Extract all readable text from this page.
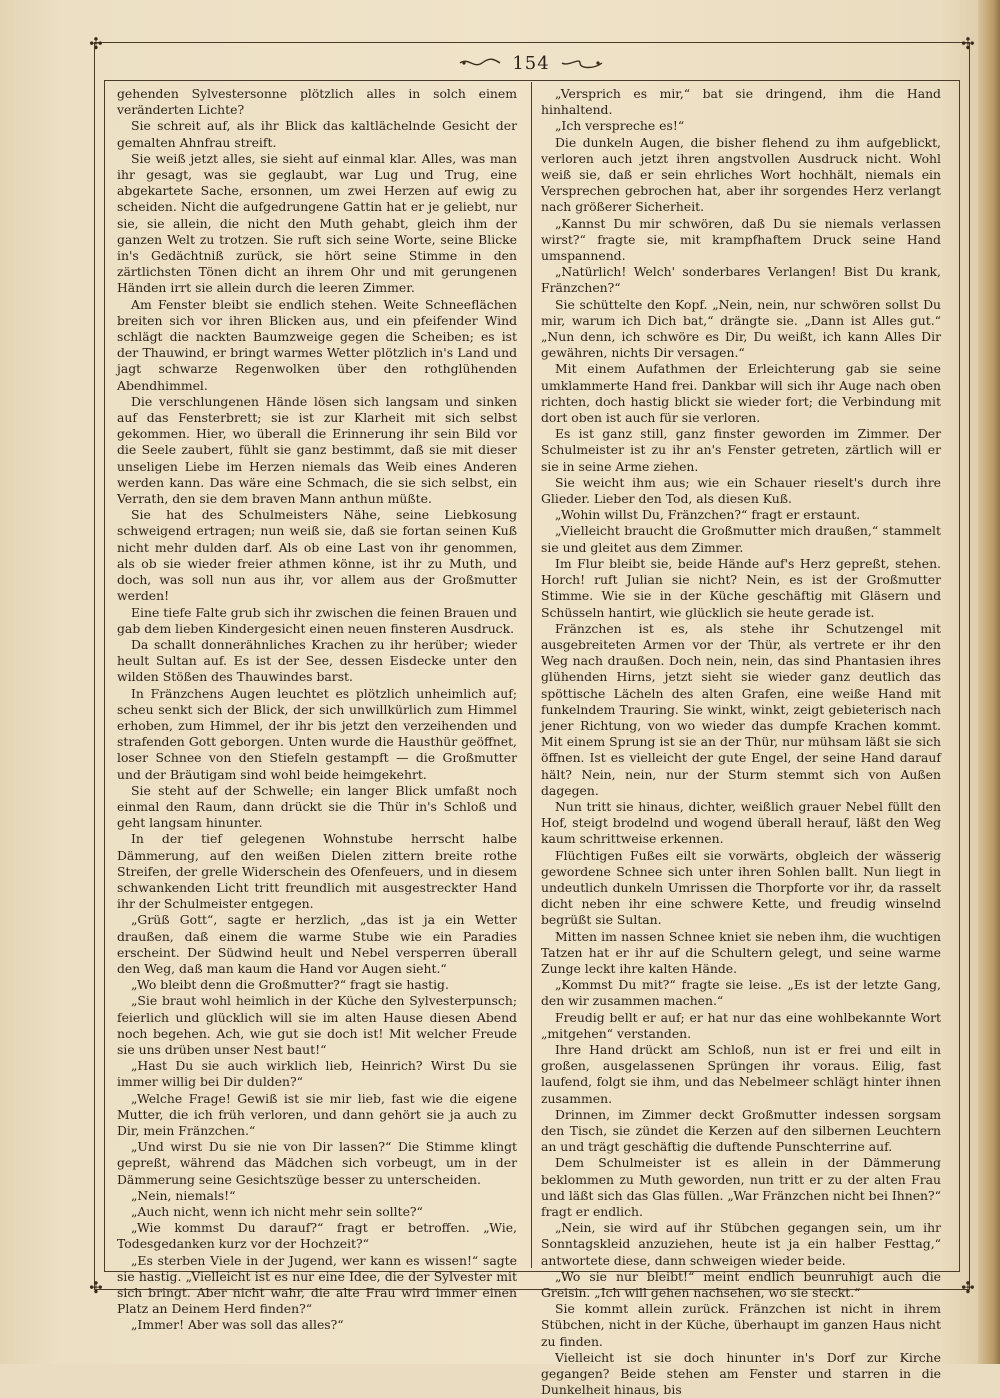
✣	✣
✣	✣
154

gehenden Sylvestersonne plötzlich alles in solch einem veränderten Lichte?

Sie schreit auf, als ihr Blick das kaltlächelnde Gesicht der gemalten Ahnfrau streift.

Sie weiß jetzt alles, sie sieht auf einmal klar. Alles, was man ihr gesagt, was sie geglaubt, war Lug und Trug, eine abgekartete Sache, ersonnen, um zwei Herzen auf ewig zu scheiden. Nicht die aufgedrungene Gattin hat er je geliebt, nur sie, sie allein, die nicht den Muth gehabt, gleich ihm der ganzen Welt zu trotzen. Sie ruft sich seine Worte, seine Blicke in's Gedächtniß zurück, sie hört seine Stimme in den zärtlichsten Tönen dicht an ihrem Ohr und mit gerungenen Händen irrt sie allein durch die leeren Zimmer.

Am Fenster bleibt sie endlich stehen. Weite Schneeflächen breiten sich vor ihren Blicken aus, und ein pfeifender Wind schlägt die nackten Baumzweige gegen die Scheiben; es ist der Thauwind, er bringt warmes Wetter plötzlich in's Land und jagt schwarze Regenwolken über den rothglühenden Abendhimmel.

Die verschlungenen Hände lösen sich langsam und sinken auf das Fensterbrett; sie ist zur Klarheit mit sich selbst gekommen. Hier, wo überall die Erinnerung ihr sein Bild vor die Seele zaubert, fühlt sie ganz bestimmt, daß sie mit dieser unseligen Liebe im Herzen niemals das Weib eines Anderen werden kann. Das wäre eine Schmach, die sie sich selbst, ein Verrath, den sie dem braven Mann anthun müßte.

Sie hat des Schulmeisters Nähe, seine Liebkosung schweigend ertragen; nun weiß sie, daß sie fortan seinen Kuß nicht mehr dulden darf. Als ob eine Last von ihr genommen, als ob sie wieder freier athmen könne, ist ihr zu Muth, und doch, was soll nun aus ihr, vor allem aus der Großmutter werden!

Eine tiefe Falte grub sich ihr zwischen die feinen Brauen und gab dem lieben Kindergesicht einen neuen finsteren Ausdruck.

Da schallt donnerähnliches Krachen zu ihr herüber; wieder heult Sultan auf. Es ist der See, dessen Eisdecke unter den wilden Stößen des Thauwindes barst.

In Fränzchens Augen leuchtet es plötzlich unheimlich auf; scheu senkt sich der Blick, der sich unwillkürlich zum Himmel erhoben, zum Himmel, der ihr bis jetzt den verzeihenden und strafenden Gott geborgen. Unten wurde die Hausthür geöffnet, loser Schnee von den Stiefeln gestampft — die Großmutter und der Bräutigam sind wohl beide heimgekehrt.

Sie steht auf der Schwelle; ein langer Blick umfaßt noch einmal den Raum, dann drückt sie die Thür in's Schloß und geht langsam hinunter.

In der tief gelegenen Wohnstube herrscht halbe Dämmerung, auf den weißen Dielen zittern breite rothe Streifen, der grelle Widerschein des Ofenfeuers, und in diesem schwankenden Licht tritt freundlich mit ausgestreckter Hand ihr der Schulmeister entgegen.

„Grüß Gott“, sagte er herzlich, „das ist ja ein Wetter draußen, daß einem die warme Stube wie ein Paradies erscheint. Der Südwind heult und Nebel versperren überall den Weg, daß man kaum die Hand vor Augen sieht.“

„Wo bleibt denn die Großmutter?“ fragt sie hastig.

„Sie braut wohl heimlich in der Küche den Sylvesterpunsch; feierlich und glücklich will sie im alten Hause diesen Abend noch begehen. Ach, wie gut sie doch ist! Mit welcher Freude sie uns drüben unser Nest baut!“

„Hast Du sie auch wirklich lieb, Heinrich? Wirst Du sie immer willig bei Dir dulden?“

„Welche Frage! Gewiß ist sie mir lieb, fast wie die eigene Mutter, die ich früh verloren, und dann gehört sie ja auch zu Dir, mein Fränzchen.“

„Und wirst Du sie nie von Dir lassen?“ Die Stimme klingt gepreßt, während das Mädchen sich vorbeugt, um in der Dämmerung seine Gesichtszüge besser zu unterscheiden.

„Nein, niemals!“

„Auch nicht, wenn ich nicht mehr sein sollte?“

„Wie kommst Du darauf?“ fragt er betroffen. „Wie, Todesgedanken kurz vor der Hochzeit?“

„Es sterben Viele in der Jugend, wer kann es wissen!“ sagte sie hastig. „Vielleicht ist es nur eine Idee, die der Sylvester mit sich bringt. Aber nicht wahr, die alte Frau wird immer einen Platz an Deinem Herd finden?“

„Immer! Aber was soll das alles?“

„Versprich es mir,“ bat sie dringend, ihm die Hand hinhaltend.

„Ich verspreche es!“

Die dunkeln Augen, die bisher flehend zu ihm aufgeblickt, verloren auch jetzt ihren angstvollen Ausdruck nicht. Wohl weiß sie, daß er sein ehrliches Wort hochhält, niemals ein Versprechen gebrochen hat, aber ihr sorgendes Herz verlangt nach größerer Sicherheit.

„Kannst Du mir schwören, daß Du sie niemals verlassen wirst?“ fragte sie, mit krampfhaftem Druck seine Hand umspannend.

„Natürlich! Welch' sonderbares Verlangen! Bist Du krank, Fränzchen?“

Sie schüttelte den Kopf. „Nein, nein, nur schwören sollst Du mir, warum ich Dich bat,“ drängte sie. „Dann ist Alles gut.“ „Nun denn, ich schwöre es Dir, Du weißt, ich kann Alles Dir gewähren, nichts Dir versagen.“

Mit einem Aufathmen der Erleichterung gab sie seine umklammerte Hand frei. Dankbar will sich ihr Auge nach oben richten, doch hastig blickt sie wieder fort; die Verbindung mit dort oben ist auch für sie verloren.

Es ist ganz still, ganz finster geworden im Zimmer. Der Schulmeister ist zu ihr an's Fenster getreten, zärtlich will er sie in seine Arme ziehen.

Sie weicht ihm aus; wie ein Schauer rieselt's durch ihre Glieder. Lieber den Tod, als diesen Kuß.

„Wohin willst Du, Fränzchen?“ fragt er erstaunt.

„Vielleicht braucht die Großmutter mich draußen,“ stammelt sie und gleitet aus dem Zimmer.

Im Flur bleibt sie, beide Hände auf's Herz gepreßt, stehen. Horch! ruft Julian sie nicht? Nein, es ist der Großmutter Stimme. Wie sie in der Küche geschäftig mit Gläsern und Schüsseln hantirt, wie glücklich sie heute gerade ist.

Fränzchen ist es, als stehe ihr Schutzengel mit ausgebreiteten Armen vor der Thür, als vertrete er ihr den Weg nach draußen. Doch nein, nein, das sind Phantasien ihres glühenden Hirns, jetzt sieht sie wieder ganz deutlich das spöttische Lächeln des alten Grafen, eine weiße Hand mit funkelndem Trauring. Sie winkt, winkt, zeigt gebieterisch nach jener Richtung, von wo wieder das dumpfe Krachen kommt. Mit einem Sprung ist sie an der Thür, nur mühsam läßt sie sich öffnen. Ist es vielleicht der gute Engel, der seine Hand darauf hält? Nein, nein, nur der Sturm stemmt sich von Außen dagegen.

Nun tritt sie hinaus, dichter, weißlich grauer Nebel füllt den Hof, steigt brodelnd und wogend überall herauf, läßt den Weg kaum schrittweise erkennen.

Flüchtigen Fußes eilt sie vorwärts, obgleich der wässerig gewordene Schnee sich unter ihren Sohlen ballt. Nun liegt in undeutlich dunkeln Umrissen die Thorpforte vor ihr, da rasselt dicht neben ihr eine schwere Kette, und freudig winselnd begrüßt sie Sultan.

Mitten im nassen Schnee kniet sie neben ihm, die wuchtigen Tatzen hat er ihr auf die Schultern gelegt, und seine warme Zunge leckt ihre kalten Hände.

„Kommst Du mit?“ fragte sie leise. „Es ist der letzte Gang, den wir zusammen machen.“

Freudig bellt er auf; er hat nur das eine wohlbekannte Wort „mitgehen“ verstanden.

Ihre Hand drückt am Schloß, nun ist er frei und eilt in großen, ausgelassenen Sprüngen ihr voraus. Eilig, fast laufend, folgt sie ihm, und das Nebelmeer schlägt hinter ihnen zusammen.

Drinnen, im Zimmer deckt Großmutter indessen sorgsam den Tisch, sie zündet die Kerzen auf den silbernen Leuchtern an und trägt geschäftig die duftende Punschterrine auf.

Dem Schulmeister ist es allein in der Dämmerung beklommen zu Muth geworden, nun tritt er zu der alten Frau und läßt sich das Glas füllen. „War Fränzchen nicht bei Ihnen?“ fragt er endlich.

„Nein, sie wird auf ihr Stübchen gegangen sein, um ihr Sonntagskleid anzuziehen, heute ist ja ein halber Festtag,“ antwortete diese, dann schweigen wieder beide.

„Wo sie nur bleibt!“ meint endlich beunruhigt auch die Greisin. „Ich will gehen nachsehen, wo sie steckt.“

Sie kommt allein zurück. Fränzchen ist nicht in ihrem Stübchen, nicht in der Küche, überhaupt im ganzen Haus nicht zu finden.

Vielleicht ist sie doch hinunter in's Dorf zur Kirche gegangen? Beide stehen am Fenster und starren in die Dunkelheit hinaus, bis
